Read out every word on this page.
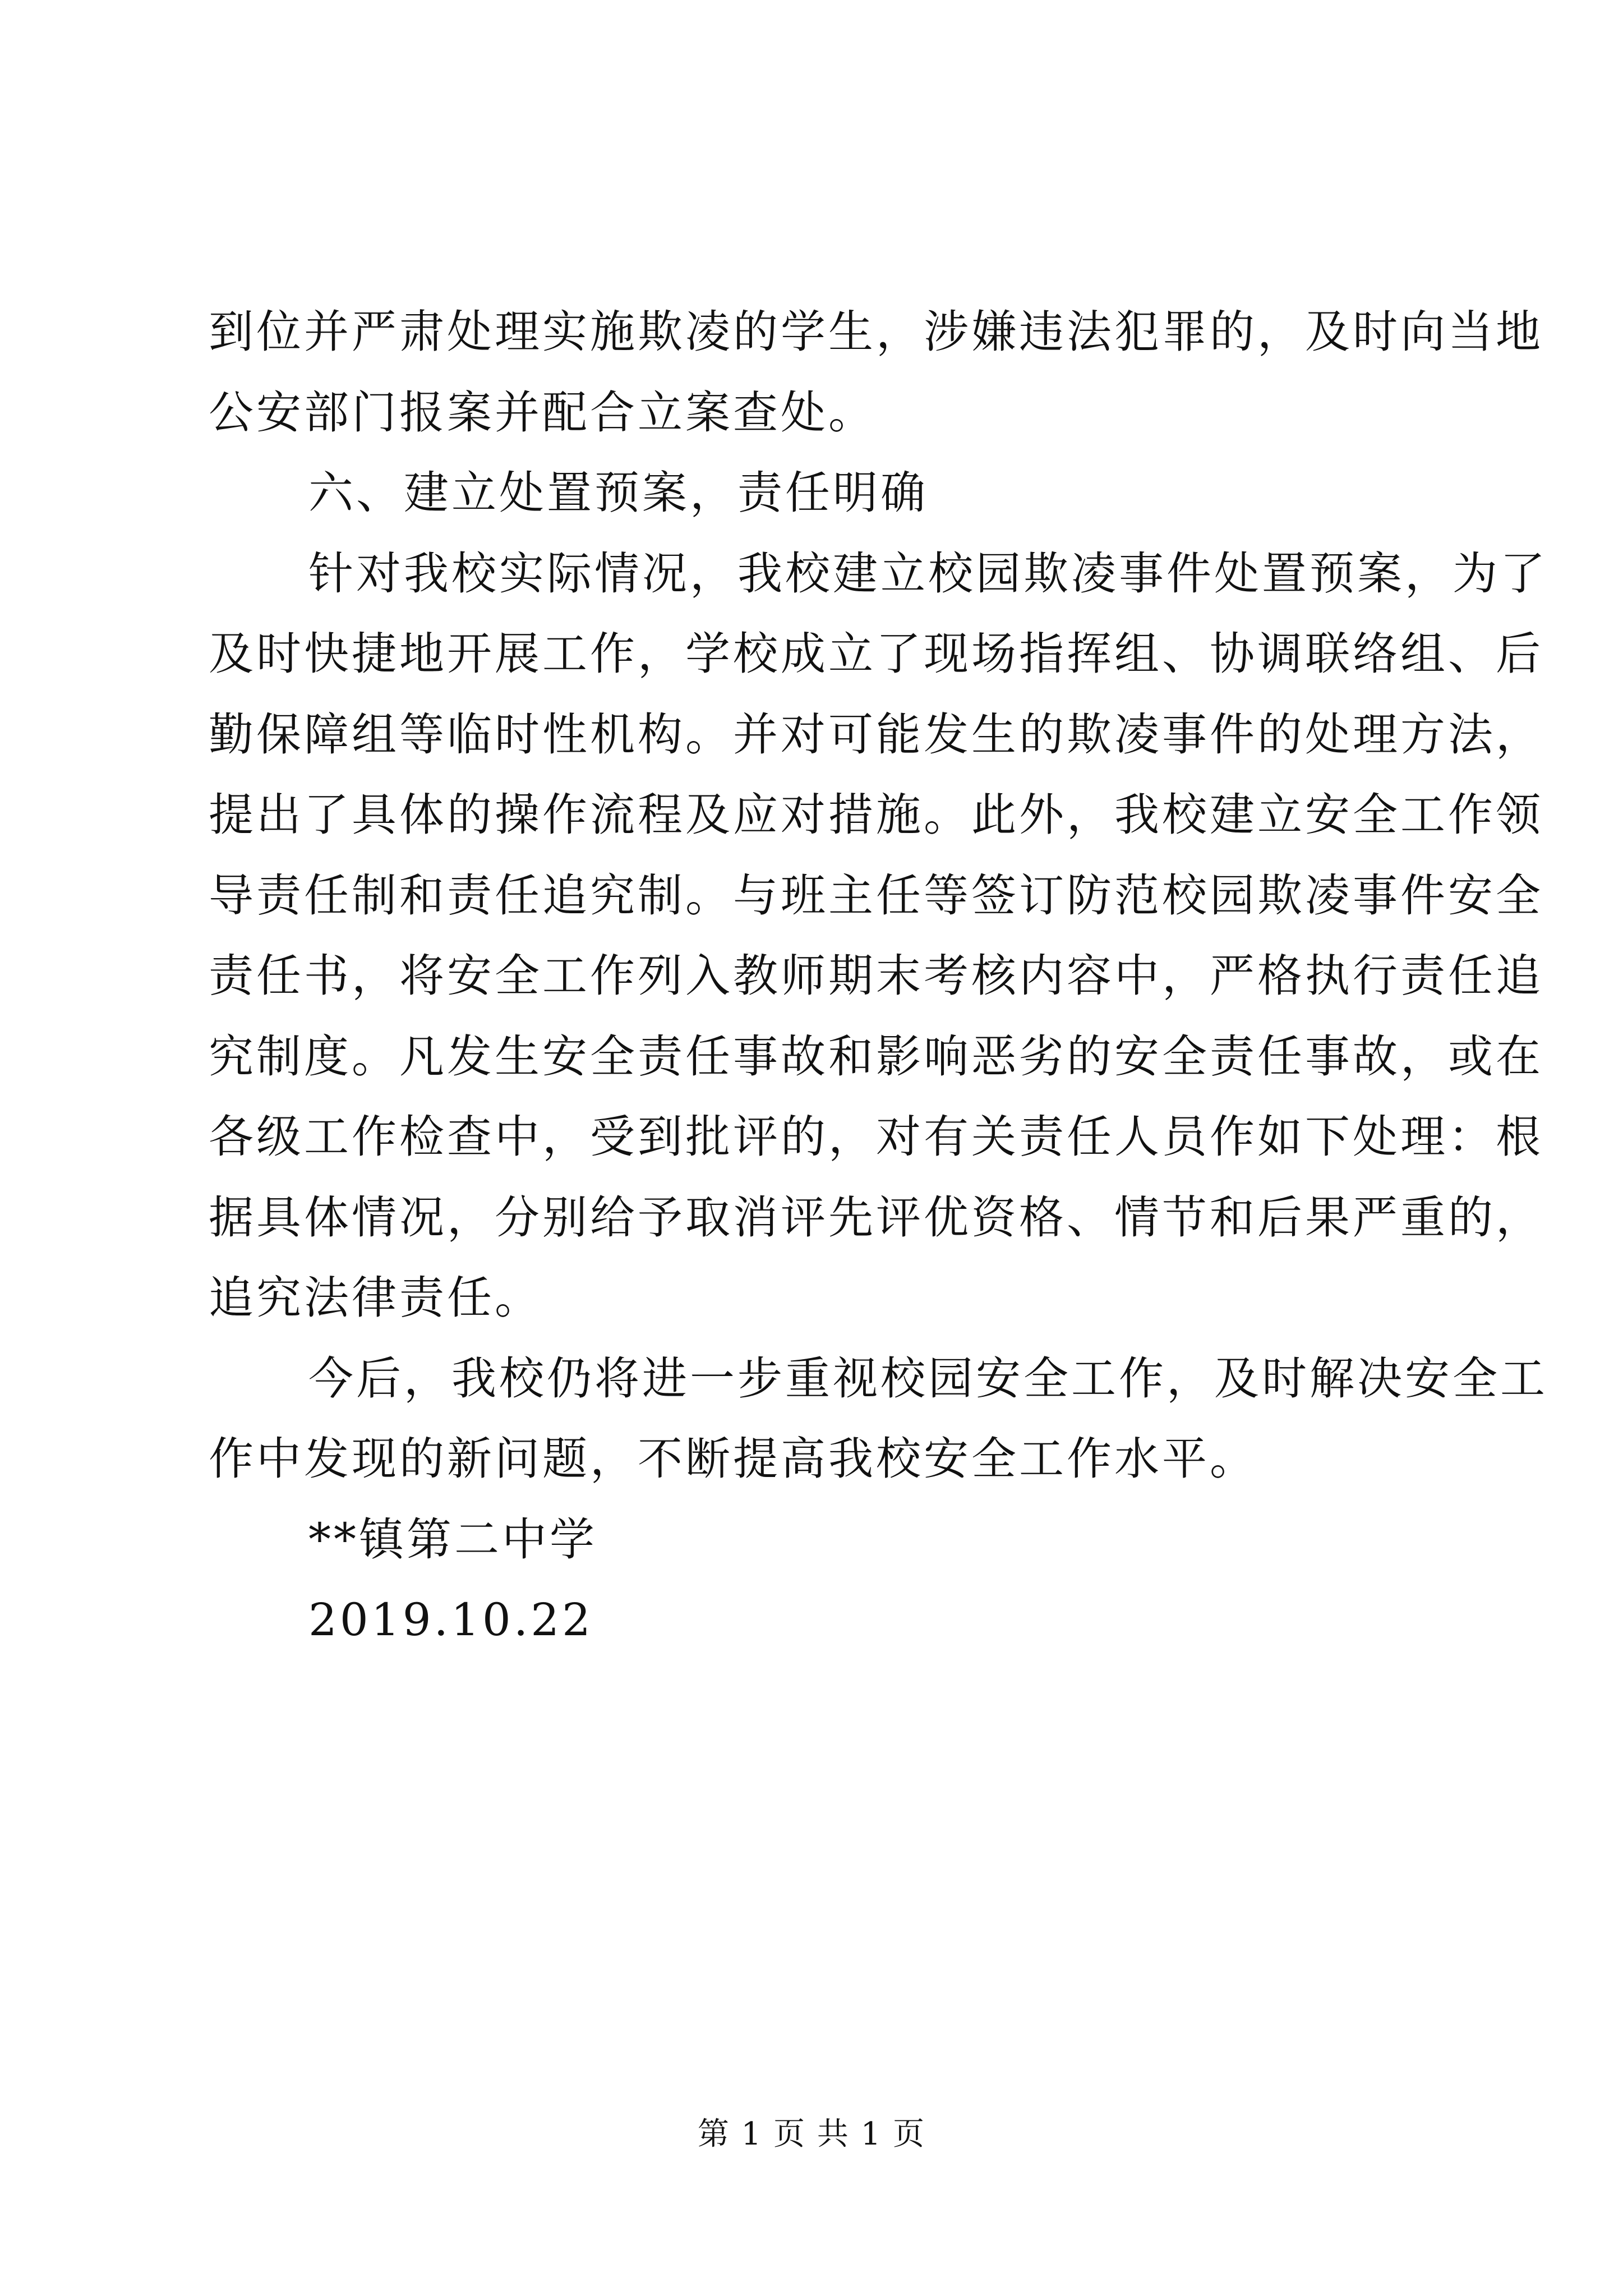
到位并严肃处理实施欺凌的学生，涉嫌违法犯罪的，及时向当地
公安部门报案并配合立案查处。
六、建立处置预案，责任明确
针对我校实际情况，我校建立校园欺凌事件处置预案，为了
及时快捷地开展工作，学校成立了现场指挥组、协调联络组、后
勤保障组等临时性机构。并对可能发生的欺凌事件的处理方法，
提出了具体的操作流程及应对措施。此外，我校建立安全工作领
导责任制和责任追究制。与班主任等签订防范校园欺凌事件安全
责任书，将安全工作列入教师期末考核内容中，严格执行责任追
究制度。凡发生安全责任事故和影响恶劣的安全责任事故，或在
各级工作检查中，受到批评的，对有关责任人员作如下处理：根
据具体情况，分别给予取消评先评优资格、情节和后果严重的，
追究法律责任。
今后，我校仍将进一步重视校园安全工作，及时解决安全工
作中发现的新问题，不断提高我校安全工作水平。
**镇第二中学
2019.10.22
第 1 页 共 1 页
